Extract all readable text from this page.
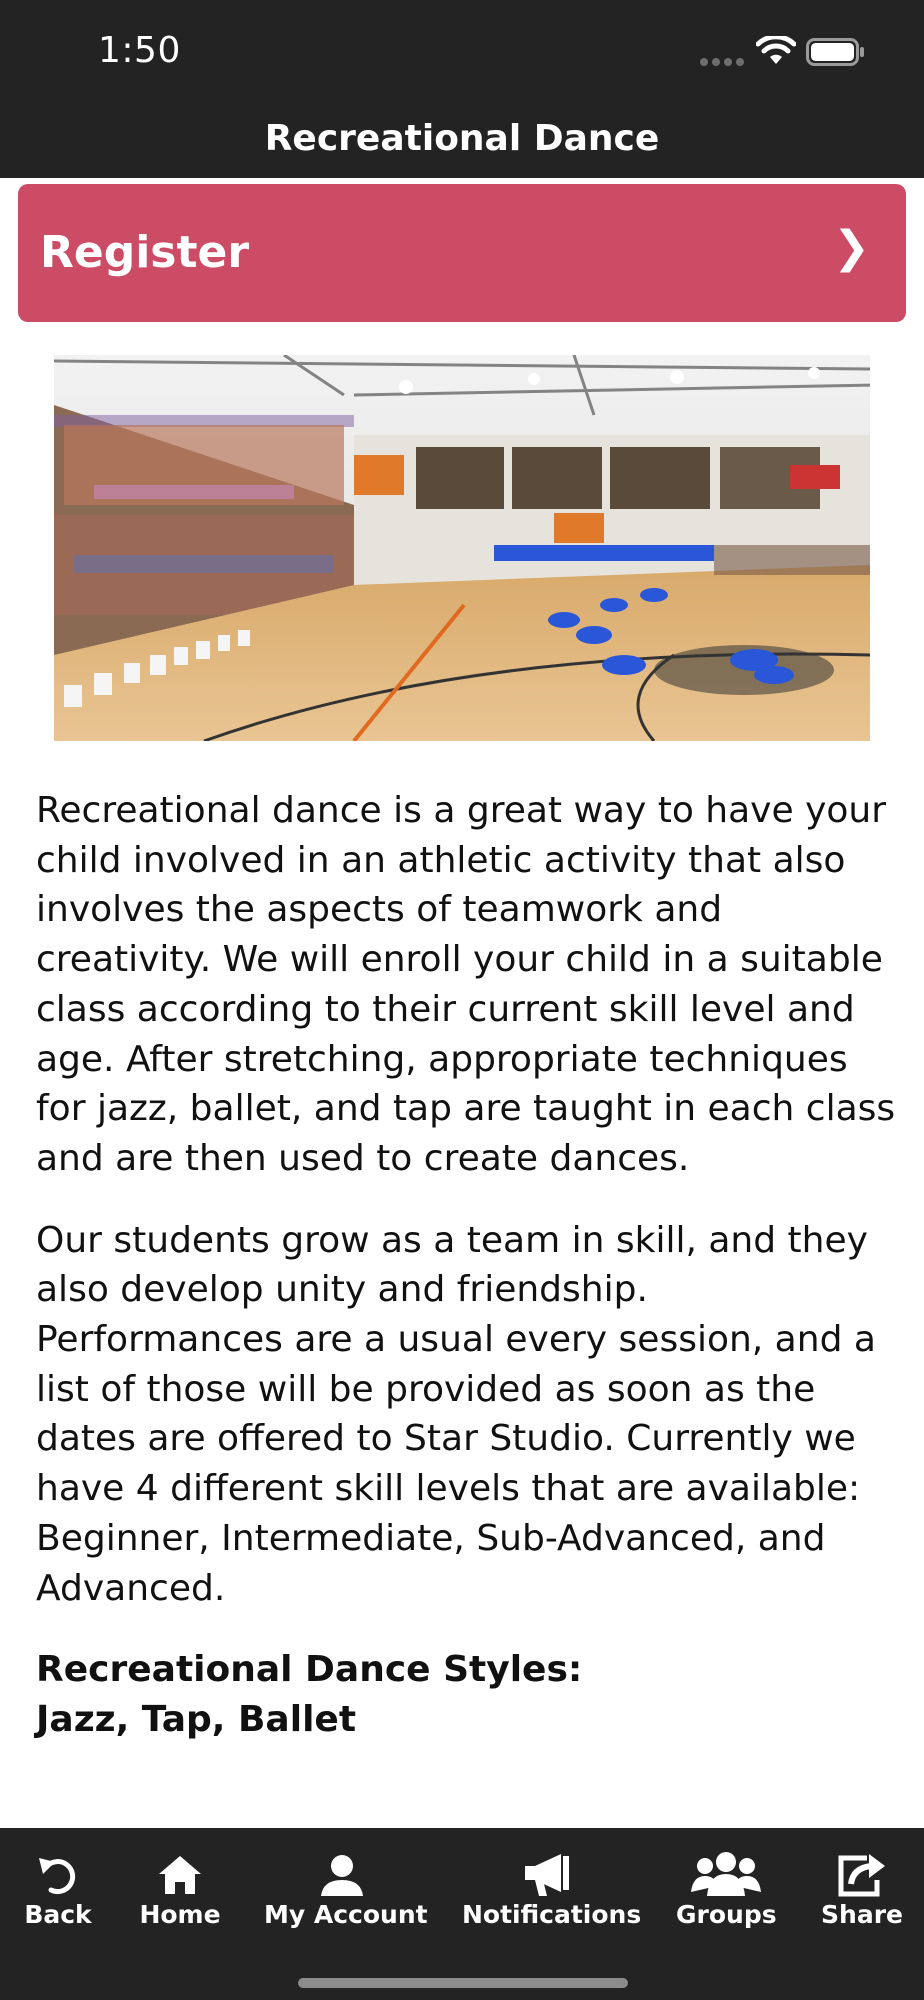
1:50
Recreational Dance
Register	❯

Recreational dance is a great way to have your child involved in an athletic activity that also involves the aspects of teamwork and creativity. We will enroll your child in a suitable class according to their current skill level and age. After stretching, appropriate techniques for jazz, ballet, and tap are taught in each class and are then used to create dances.

Our students grow as a team in skill, and they also develop unity and friendship. Performances are a usual every session, and a list of those will be provided as soon as the dates are offered to Star Studio. Currently we have 4 different skill levels that are available: Beginner, Intermediate, Sub-Advanced, and Advanced.

Recreational Dance Styles:
Jazz, Tap, Ballet
Back	Home	My Account Notifications Groups Share
